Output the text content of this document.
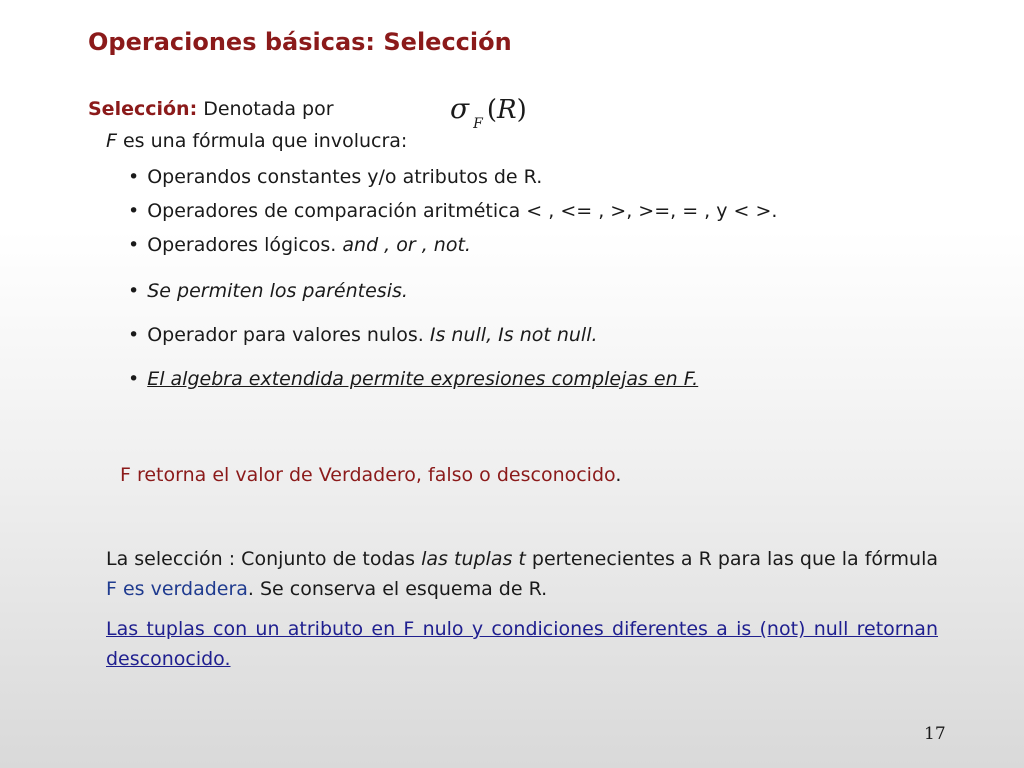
Operaciones básicas: Selección
Selección: Denotada por	σ F (R)
F es una fórmula que involucra:
• Operandos constantes y/o atributos de R.
• Operadores de comparación aritmética < , <= , >, >=, = , y < >.
• Operadores lógicos. and , or , not.
• Se permiten los paréntesis.
• Operador para valores nulos. Is null, Is not null.
• El algebra extendida permite expresiones complejas en F.
F retorna el valor de Verdadero, falso o desconocido.
La selección : Conjunto de todas las tuplas t pertenecientes a R para las que la fórmula F es verdadera. Se conserva el esquema de R.
Las tuplas con un atributo en F nulo y condiciones diferentes a is (not) null retornan desconocido.
17
